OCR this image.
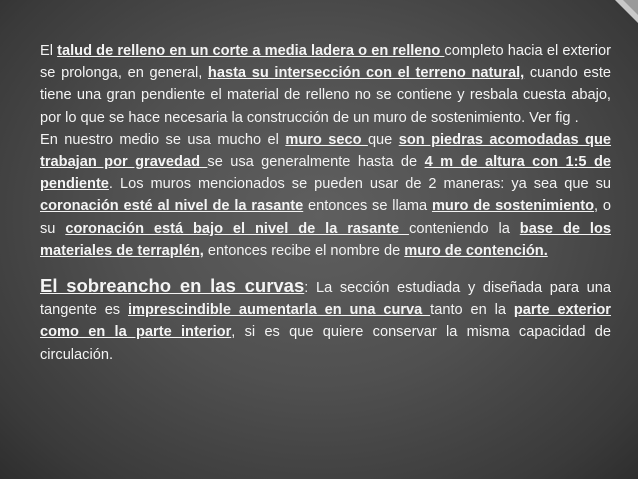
El talud de relleno en un corte a media ladera o en relleno completo hacia el exterior se prolonga, en general, hasta su intersección con el terreno natural, cuando este tiene una gran pendiente el material de relleno no se contiene y resbala cuesta abajo, por lo que se hace necesaria la construcción de un muro de sostenimiento. Ver fig .

En nuestro medio se usa mucho el muro seco que son piedras acomodadas que trabajan por gravedad se usa generalmente hasta de 4 m de altura con 1:5 de pendiente. Los muros mencionados se pueden usar de 2 maneras: ya sea que su coronación esté al nivel de la rasante entonces se llama muro de sostenimiento, o su coronación está bajo el nivel de la rasante conteniendo la base de los materiales de terraplén, entonces recibe el nombre de muro de contención.

El sobreancho en las curvas: La sección estudiada y diseñada para una tangente es imprescindible aumentarla en una curva tanto en la parte exterior como en la parte interior, si es que quiere conservar la misma capacidad de circulación.
